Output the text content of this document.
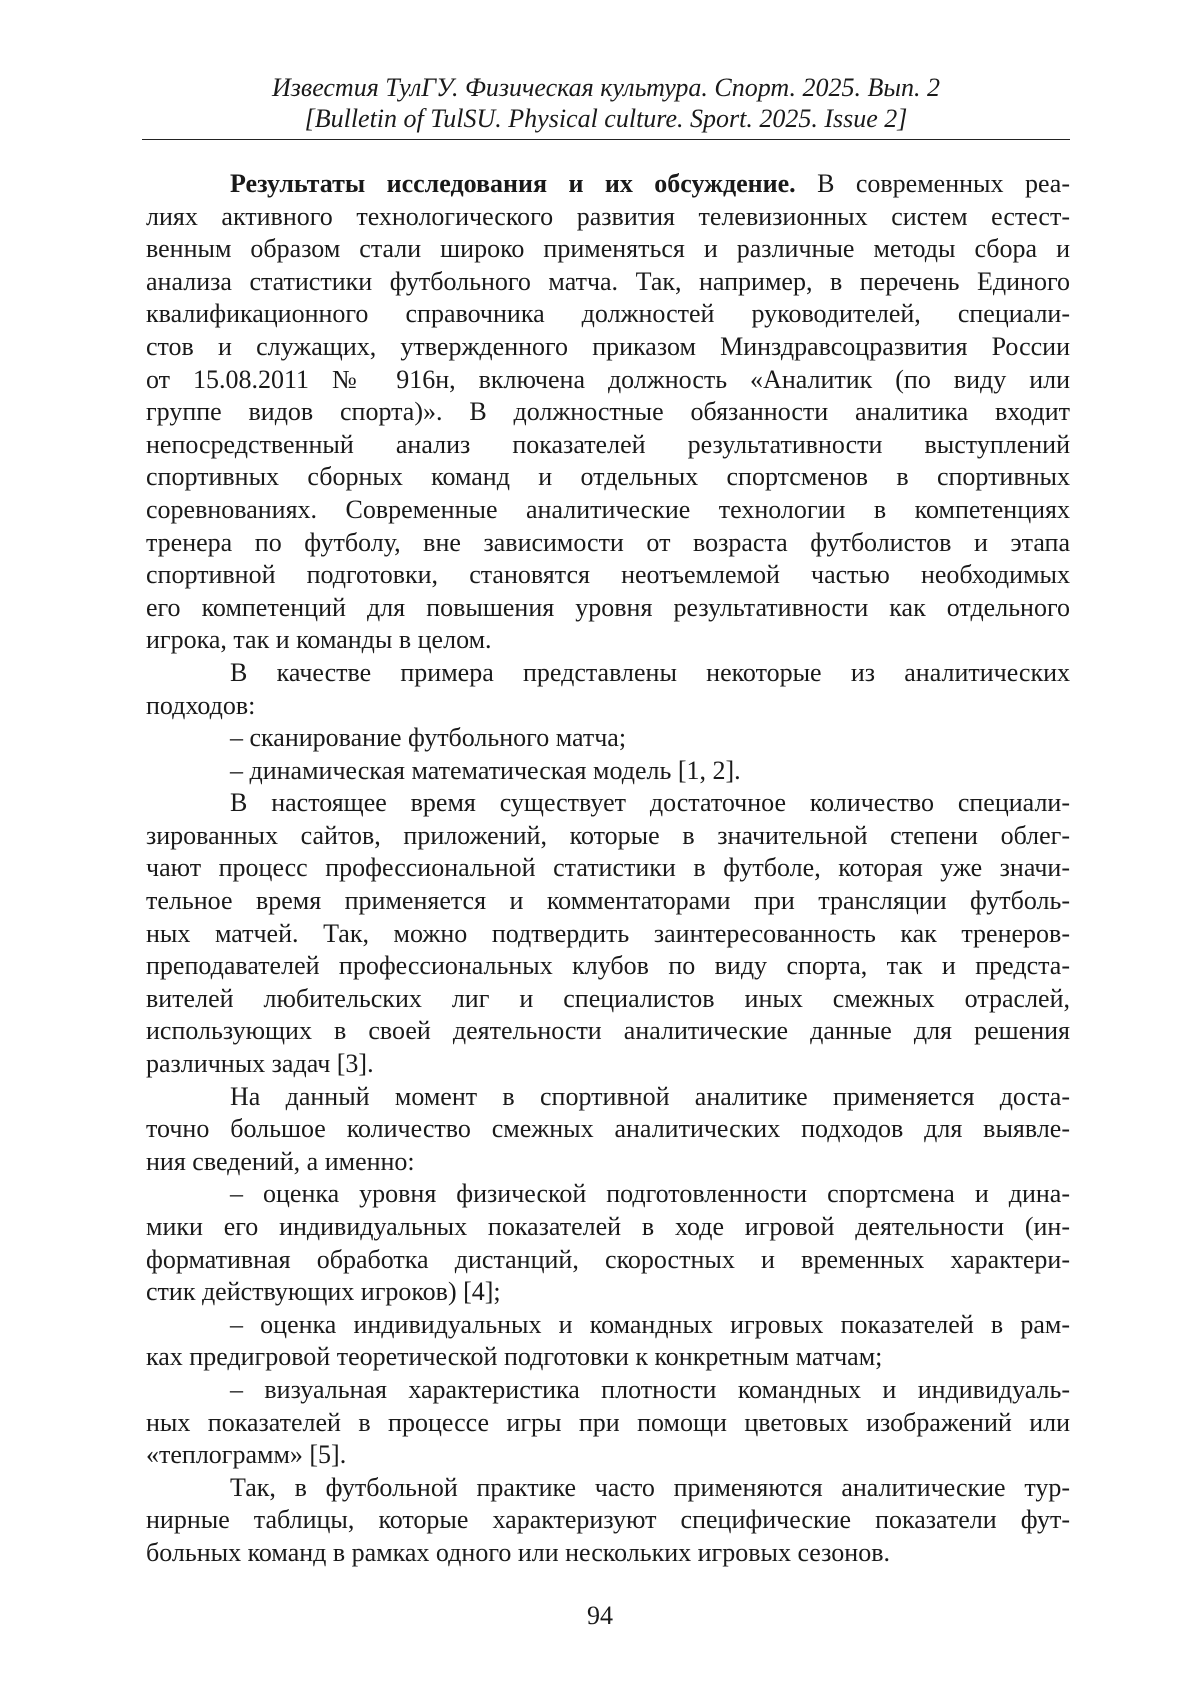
Известия ТулГУ. Физическая культура. Спорт. 2025. Вып. 2
[Bulletin of TulSU. Physical culture. Sport. 2025. Issue 2]
Результаты исследования и их обсуждение. В современных реа-
лиях активного технологического развития телевизионных систем естест-
венным образом стали широко применяться и различные методы сбора и
анализа статистики футбольного матча. Так, например, в перечень Единого
квалификационного справочника должностей руководителей, специали-
стов и служащих, утвержденного приказом Минздравсоцразвития России
от 15.08.2011 № 916н, включена должность «Аналитик (по виду или
группе видов спорта)». В должностные обязанности аналитика входит
непосредственный анализ показателей результативности выступлений
спортивных сборных команд и отдельных спортсменов в спортивных
соревнованиях. Современные аналитические технологии в компетенциях
тренера по футболу, вне зависимости от возраста футболистов и этапа
спортивной подготовки, становятся неотъемлемой частью необходимых
его компетенций для повышения уровня результативности как отдельного
игрока, так и команды в целом.
В качестве примера представлены некоторые из аналитических
подходов:
– сканирование футбольного матча;
– динамическая математическая модель [1, 2].
В настоящее время существует достаточное количество специали-
зированных сайтов, приложений, которые в значительной степени облег-
чают процесс профессиональной статистики в футболе, которая уже значи-
тельное время применяется и комментаторами при трансляции футболь-
ных матчей. Так, можно подтвердить заинтересованность как тренеров-
преподавателей профессиональных клубов по виду спорта, так и предста-
вителей любительских лиг и специалистов иных смежных отраслей,
использующих в своей деятельности аналитические данные для решения
различных задач [3].
На данный момент в спортивной аналитике применяется доста-
точно большое количество смежных аналитических подходов для выявле-
ния сведений, а именно:
– оценка уровня физической подготовленности спортсмена и дина-
мики его индивидуальных показателей в ходе игровой деятельности (ин-
формативная обработка дистанций, скоростных и временных характери-
стик действующих игроков) [4];
– оценка индивидуальных и командных игровых показателей в рам-
ках предигровой теоретической подготовки к конкретным матчам;
– визуальная характеристика плотности командных и индивидуаль-
ных показателей в процессе игры при помощи цветовых изображений или
«теплограмм» [5].
Так, в футбольной практике часто применяются аналитические тур-
нирные таблицы, которые характеризуют специфические показатели фут-
больных команд в рамках одного или нескольких игровых сезонов.
94
